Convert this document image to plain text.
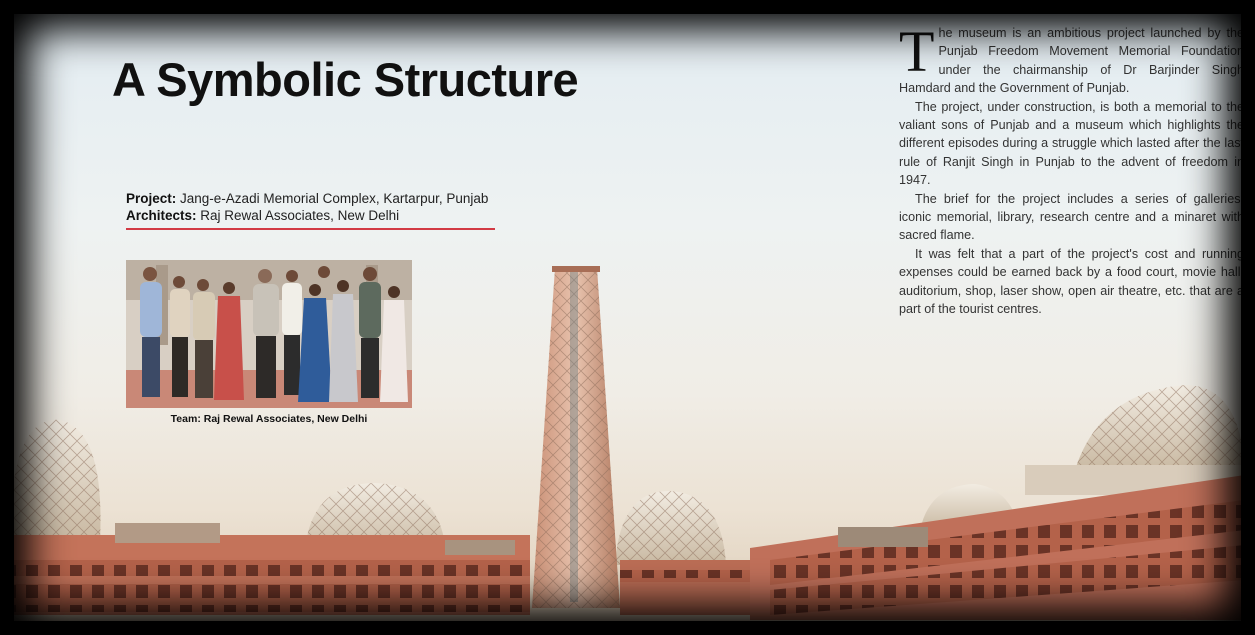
A Symbolic Structure
Project: Jang-e-Azadi Memorial Complex, Kartarpur, Punjab
Architects: Raj Rewal Associates, New Delhi
Team: Raj Rewal Associates, New Delhi

The museum is an ambitious project launched by the Punjab Freedom Movement Memorial Foundation under the chairmanship of Dr Barjinder Singh Hamdard and the Government of Punjab.

The project, under construction, is both a memorial to the valiant sons of Punjab and a museum which highlights the different episodes during a struggle which lasted after the last rule of Ranjit Singh in Punjab to the advent of freedom in 1947.

The brief for the project includes a series of galleries, iconic memorial, library, research centre and a minaret with sacred flame.

It was felt that a part of the project's cost and running expenses could be earned back by a food court, movie hall, auditorium, shop, laser show, open air theatre, etc. that are a part of the tourist centres.
